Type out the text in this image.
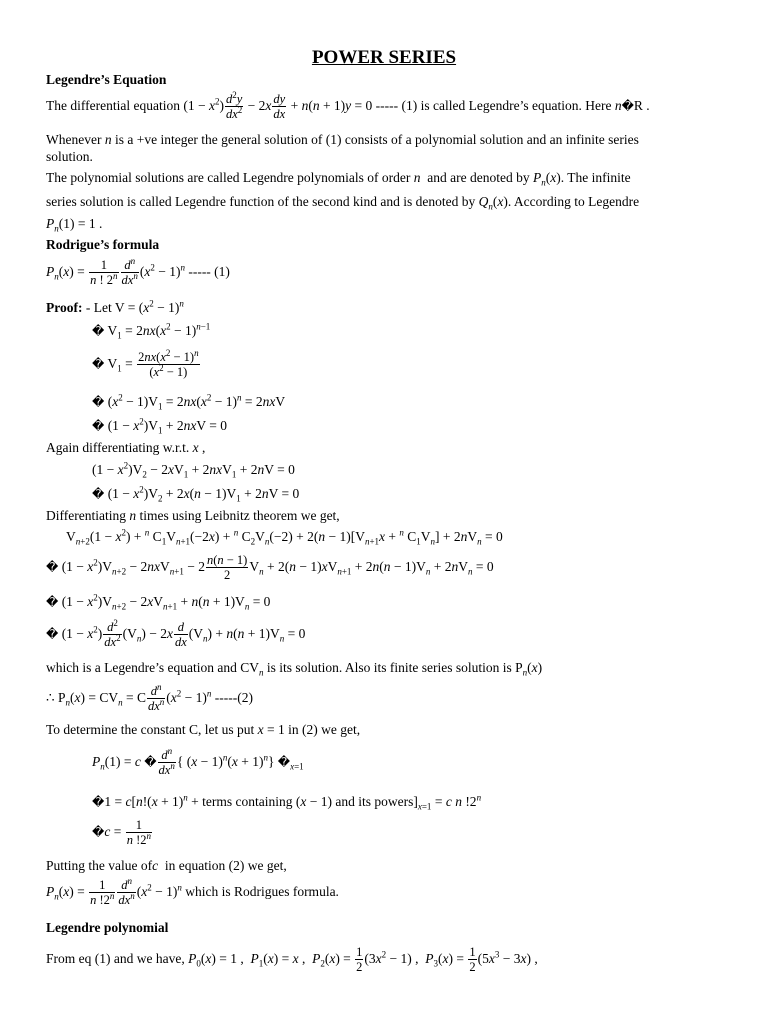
POWER SERIES
Legendre’s Equation
The differential equation $(1 - x^2) \frac{d^2y}{dx^2} - 2x \frac{dy}{dx} + n(n + 1)y = 0$ ----- (1) is called Legendre’s equation. Here n�R .
Whenever n is a +ve integer the general solution of (1) consists of a polynomial solution and an infinite series
solution.
The polynomial solutions are called Legendre polynomials of order n and are denoted by $P_n(x)$. The infinite
series solution is called Legendre function of the second kind and is denoted by $Q_n(x)$. According to Legendre
$P_n(1) = 1$ .
Rodrigue’s formula
$P_n(x) = \frac{1}{n ! 2^n} \frac{d^n}{dx^n} (x^2 - 1)^n$ ----- (1)
Proof: - Let $V = (x^2 - 1)^n$
� $V_1 = 2nx(x^2 - 1)^{n-1}$
� $V_1 = \frac{2nx(x^2 - 1)^n}{(x^2 - 1)}$
� $(x^2 - 1)V_1 = 2nx(x^2 - 1)^n = 2nxV$
� $(1 - x^2)V_1 + 2nxV = 0$
Again differentiating w.r.t. x ,
$(1 - x^2)V_2 - 2xV_1 + 2nxV_1 + 2nV = 0$
� $(1 - x^2)V_2 + 2x(n - 1)V_1 + 2nV = 0$
Differentiating n times using Leibnitz theorem we get,
$V_{n+2}(1 - x^2) + ^n$ $C_1V_{n+1}(-2x) + ^n$ $C_2V_n(-2) + 2(n - 1)[V_{n+1}x + ^n$ $C_1V_n] + 2nV_n = 0$
� $(1 - x^2)V_{n+2} - 2nxV_{n+1} - 2 \frac{n(n - 1)}{2} V_n + 2(n - 1)xV_{n+1} + 2n(n - 1)V_n + 2nV_n = 0$
� $(1 - x^2)V_{n+2} - 2xV_{n+1} + n(n + 1)V_n = 0$
� $(1 - x^2) \frac{d^2}{dx^2} (V_n) - 2x \frac{d}{dx} (V_n) + n(n + 1)V_n = 0$
which is a Legendre’s equation and $CV_n$ is its solution. Also its finite series solution is $P_n(x)$
∴ $P_n(x) = CV_n = C \frac{d^n}{dx^n} (x^2 - 1)^n$ -----(2)
To determine the constant C, let us put x = 1 in (2) we get,
$P_n(1) = c$ � $\frac{d^n}{dx^n}$ { $(x - 1)^n(x + 1)^n$} $�_{x=1}$
�1 = $c[n!(x + 1)^n$ + terms containing (x − 1) and its $powers]_{x=1} = c$ n !2$^n$
�c = $\frac{1}{n !2^n}$
Putting the value ofc in equation (2) we get,
$P_n(x) = \frac{1}{n !2^n} \frac{d^n}{dx^n} (x^2 - 1)^n$ which is Rodrigues formula.
Legendre polynomial
From eq (1) and we have, $P_0(x) = 1$ ,  $P_1(x) = x$ ,  $P_2(x) = \frac{1}{2} (3x^2 - 1)$ ,  $P_3(x) = \frac{1}{2} (5x^3 - 3x)$ ,
